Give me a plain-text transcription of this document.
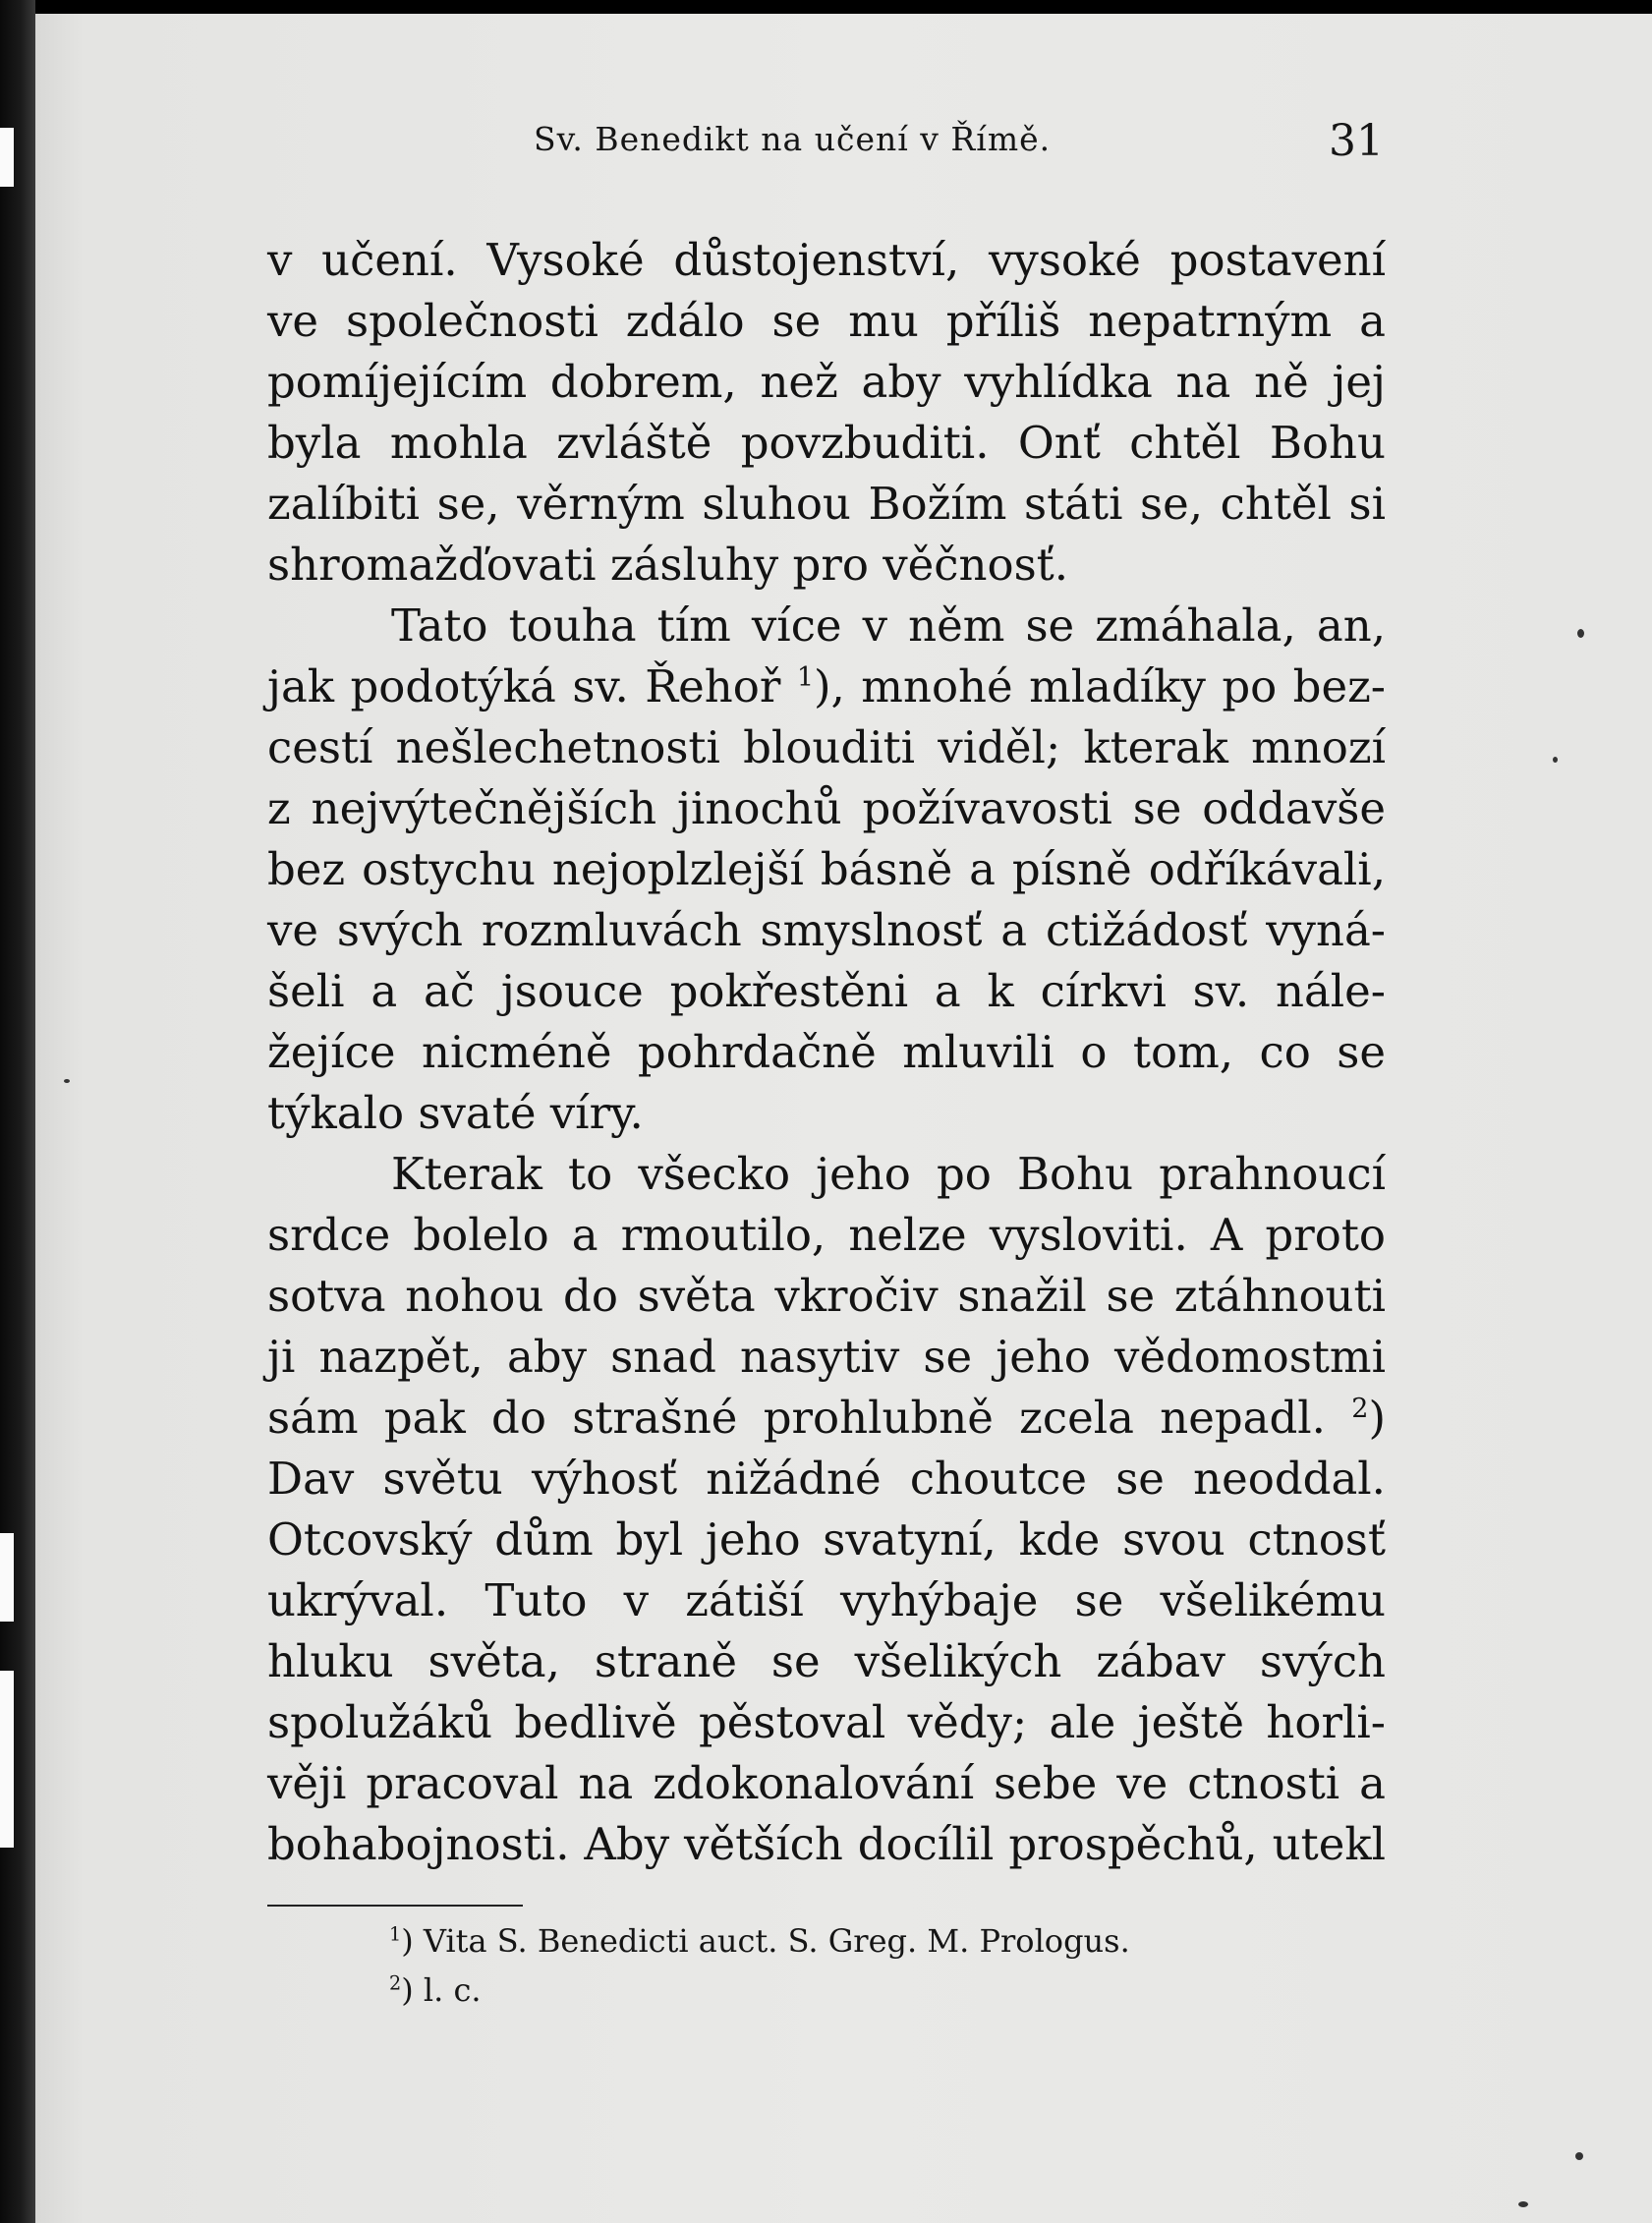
Sv. Benedikt na učení v Římě.	31
v učení. Vysoké důstojenství, vysoké postavení
ve společnosti zdálo se mu příliš nepatrným a
pomíjejícím dobrem, než aby vyhlídka na ně jej
byla mohla zvláště povzbuditi. Onť chtěl Bohu
zalíbiti se, věrným sluhou Božím státi se, chtěl si
shromažďovati zásluhy pro věčnosť.
Tato touha tím více v něm se zmáhala, an,
jak podotýká sv. Řehoř $^1$), mnohé mladíky po bez-
cestí nešlechetnosti blouditi viděl; kterak mnozí
z nejvýtečnějších jinochů požívavosti se oddavše
bez ostychu nejoplzlejší básně a písně odříkávali,
ve svých rozmluvách smyslnosť a ctižádosť vyná-
šeli a ač jsouce pokřestěni a k církvi sv. nále-
žejíce nicméně pohrdačně mluvili o tom, co se
týkalo svaté víry.
Kterak to všecko jeho po Bohu prahnoucí
srdce bolelo a rmoutilo, nelze vysloviti. A proto
sotva nohou do světa vkročiv snažil se ztáhnouti
ji nazpět, aby snad nasytiv se jeho vědomostmi
sám pak do strašné prohlubně zcela nepadl. $^2$)
Dav světu výhosť nižádné choutce se neoddal.
Otcovský dům byl jeho svatyní, kde svou ctnosť
ukrýval. Tuto v zátiší vyhýbaje se všelikému
hluku světa, straně se všelikých zábav svých
spolužáků bedlivě pěstoval vědy; ale ještě horli-
věji pracoval na zdokonalování sebe ve ctnosti a
bohabojnosti. Aby větších docílil prospěchů, utekl
$^1$) Vita S. Benedicti auct. S. Greg. M. Prologus.
$^2$) l. c.
